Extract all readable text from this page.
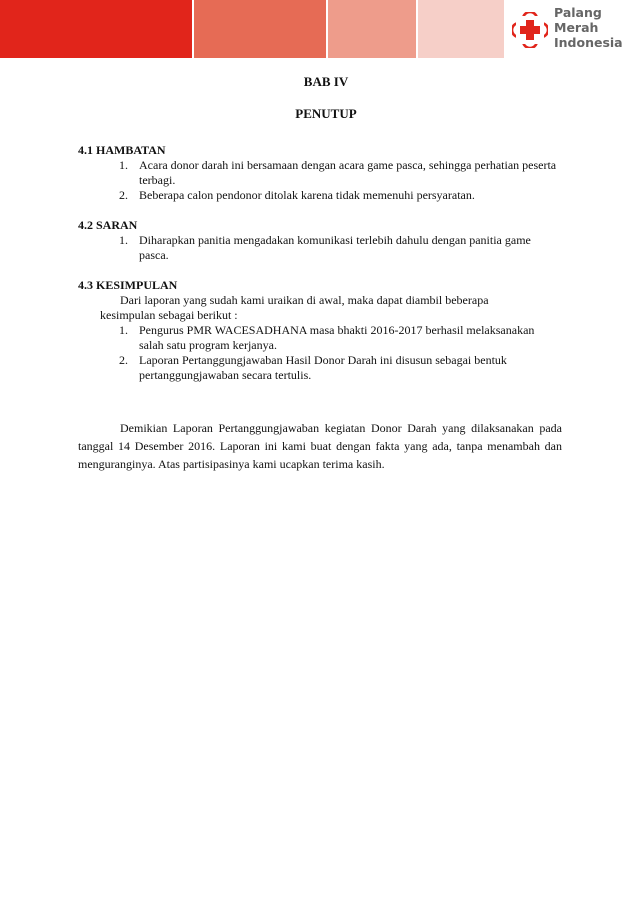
Palang
Merah
Indonesia

BAB IV

PENUTUP

4.1 HAMBATAN

1. Acara donor darah ini bersamaan dengan acara game pasca, sehingga perhatian peserta terbagi.
2. Beberapa calon pendonor ditolak karena tidak memenuhi persyaratan.

4.2 SARAN

1. Diharapkan panitia mengadakan komunikasi terlebih dahulu dengan panitia game pasca.

4.3 KESIMPULAN

Dari laporan yang sudah kami uraikan di awal, maka dapat diambil beberapa
kesimpulan sebagai berikut :

1. Pengurus PMR WACESADHANA masa bhakti 2016-2017 berhasil melaksanakan salah satu program kerjanya.
2. Laporan Pertanggungjawaban Hasil Donor Darah ini disusun sebagai bentuk pertanggungjawaban secara tertulis.

Demikian Laporan Pertanggungjawaban kegiatan Donor Darah yang dilaksanakan pada tanggal 14 Desember 2016. Laporan ini kami buat dengan fakta yang ada, tanpa menambah dan menguranginya. Atas partisipasinya kami ucapkan terima kasih.
